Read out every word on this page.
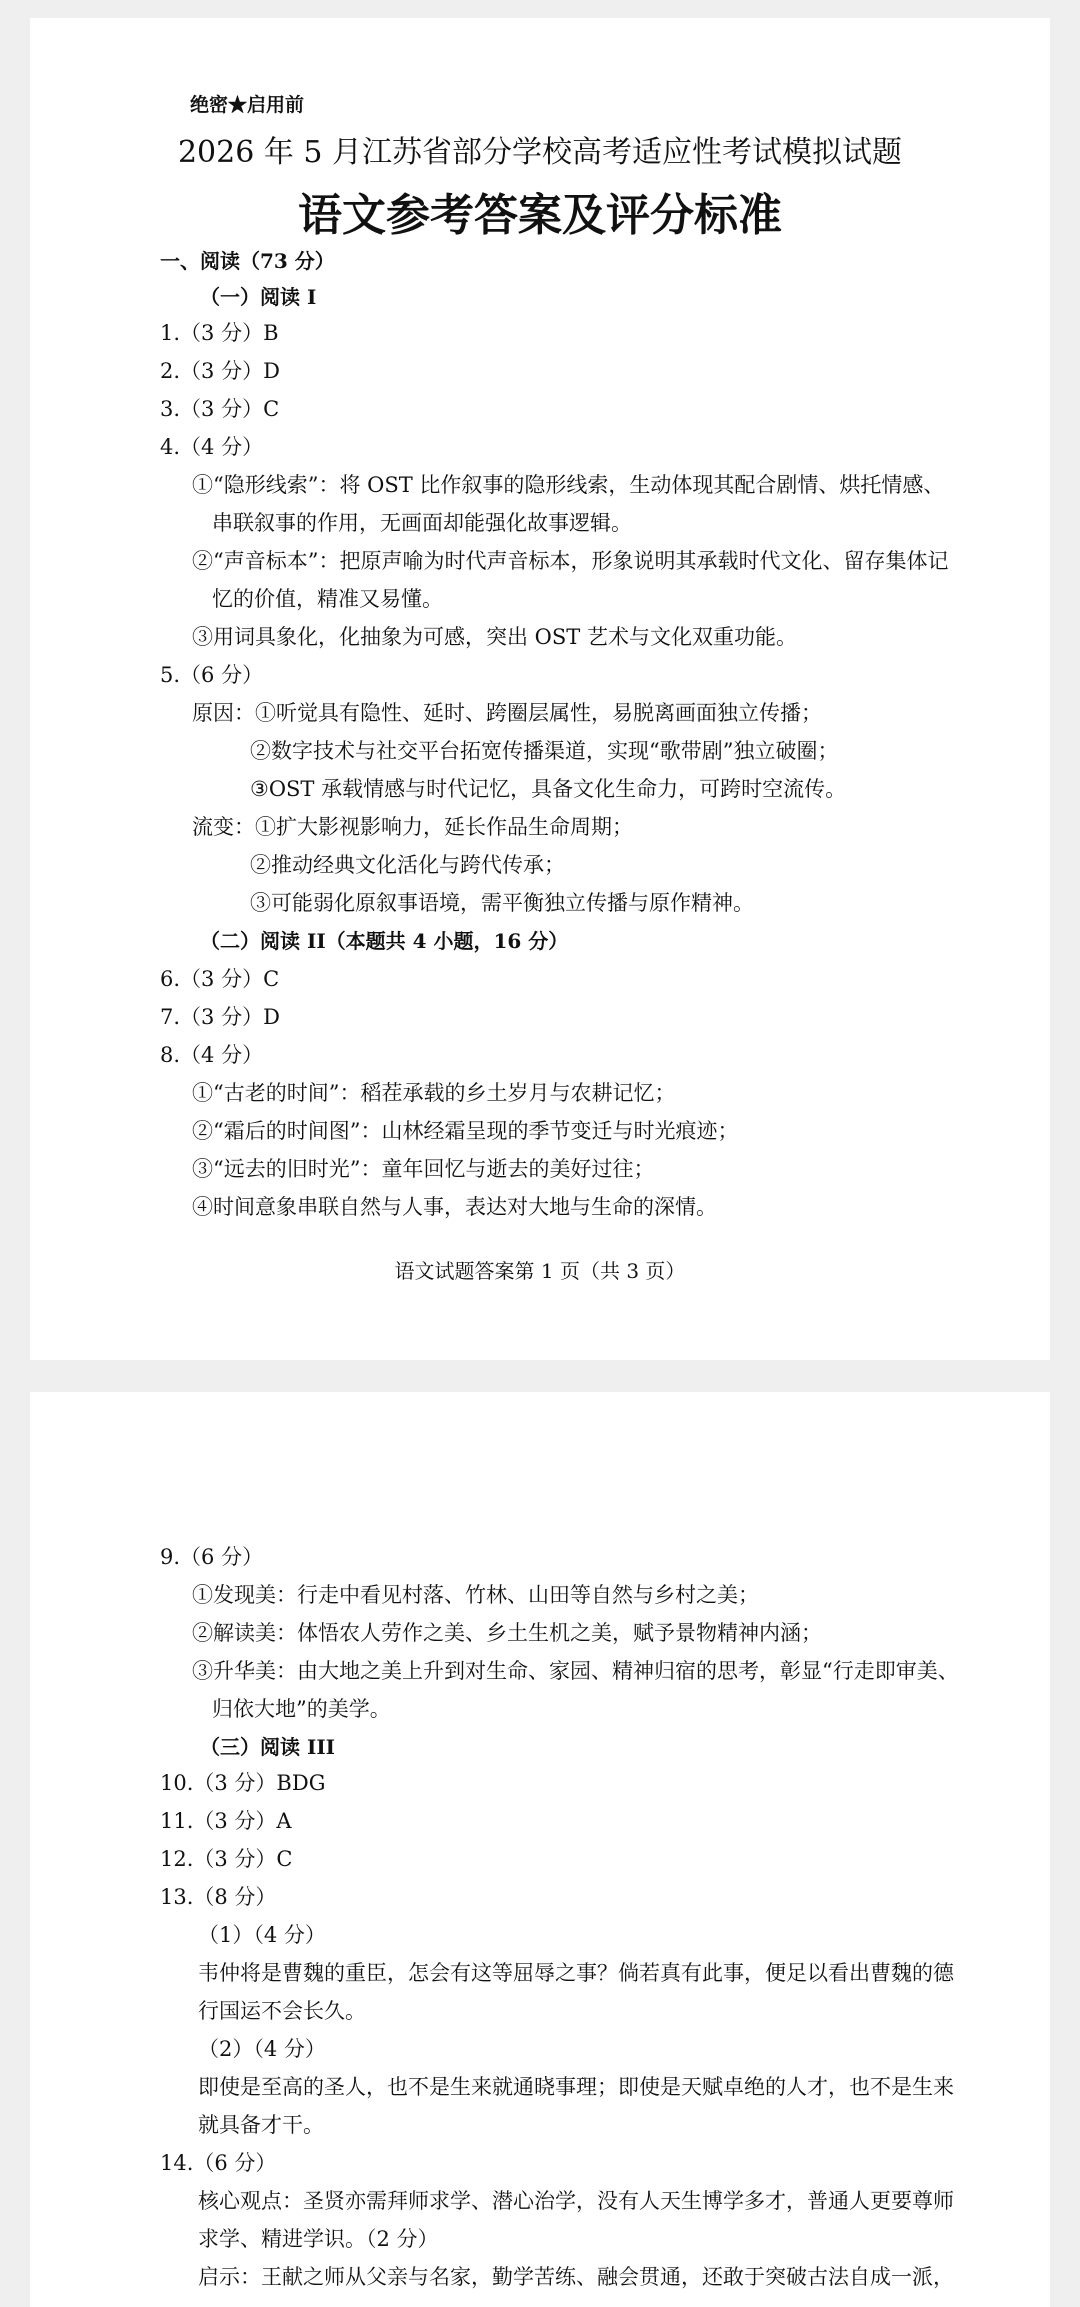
绝密★启用前
2026 年 5 月江苏省部分学校高考适应性考试模拟试题
语文参考答案及评分标准
一、阅读（73 分）
（一）阅读 I
1.（3 分）B
2.（3 分）D
3.（3 分）C
4.（4 分）
①“隐形线索”：将 OST 比作叙事的隐形线索，生动体现其配合剧情、烘托情感、
串联叙事的作用，无画面却能强化故事逻辑。
②“声音标本”：把原声喻为时代声音标本，形象说明其承载时代文化、留存集体记
忆的价值，精准又易懂。
③用词具象化，化抽象为可感，突出 OST 艺术与文化双重功能。
5.（6 分）
原因：①听觉具有隐性、延时、跨圈层属性，易脱离画面独立传播；
②数字技术与社交平台拓宽传播渠道，实现“歌带剧”独立破圈；
③OST 承载情感与时代记忆，具备文化生命力，可跨时空流传。
流变：①扩大影视影响力，延长作品生命周期；
②推动经典文化活化与跨代传承；
③可能弱化原叙事语境，需平衡独立传播与原作精神。
（二）阅读 II（本题共 4 小题，16 分）
6.（3 分）C
7.（3 分）D
8.（4 分）
①“古老的时间”：稻茬承载的乡土岁月与农耕记忆；
②“霜后的时间图”：山林经霜呈现的季节变迁与时光痕迹；
③“远去的旧时光”：童年回忆与逝去的美好过往；
④时间意象串联自然与人事，表达对大地与生命的深情。
语文试题答案第 1 页（共 3 页）
9.（6 分）
①发现美：行走中看见村落、竹林、山田等自然与乡村之美；
②解读美：体悟农人劳作之美、乡土生机之美，赋予景物精神内涵；
③升华美：由大地之美上升到对生命、家园、精神归宿的思考，彰显“行走即审美、
归依大地”的美学。
（三）阅读 III
10.（3 分）BDG
11.（3 分）A
12.（3 分）C
13.（8 分）
（1）（4 分）
韦仲将是曹魏的重臣，怎会有这等屈辱之事？倘若真有此事，便足以看出曹魏的德
行国运不会长久。
（2）（4 分）
即使是至高的圣人，也不是生来就通晓事理；即使是天赋卓绝的人才，也不是生来
就具备才干。
14.（6 分）
核心观点：圣贤亦需拜师求学、潜心治学，没有人天生博学多才，普通人更要尊师
求学、精进学识。（2 分）
启示：王献之师从父亲与名家，勤学苦练、融会贯通，还敢于突破古法自成一派，
